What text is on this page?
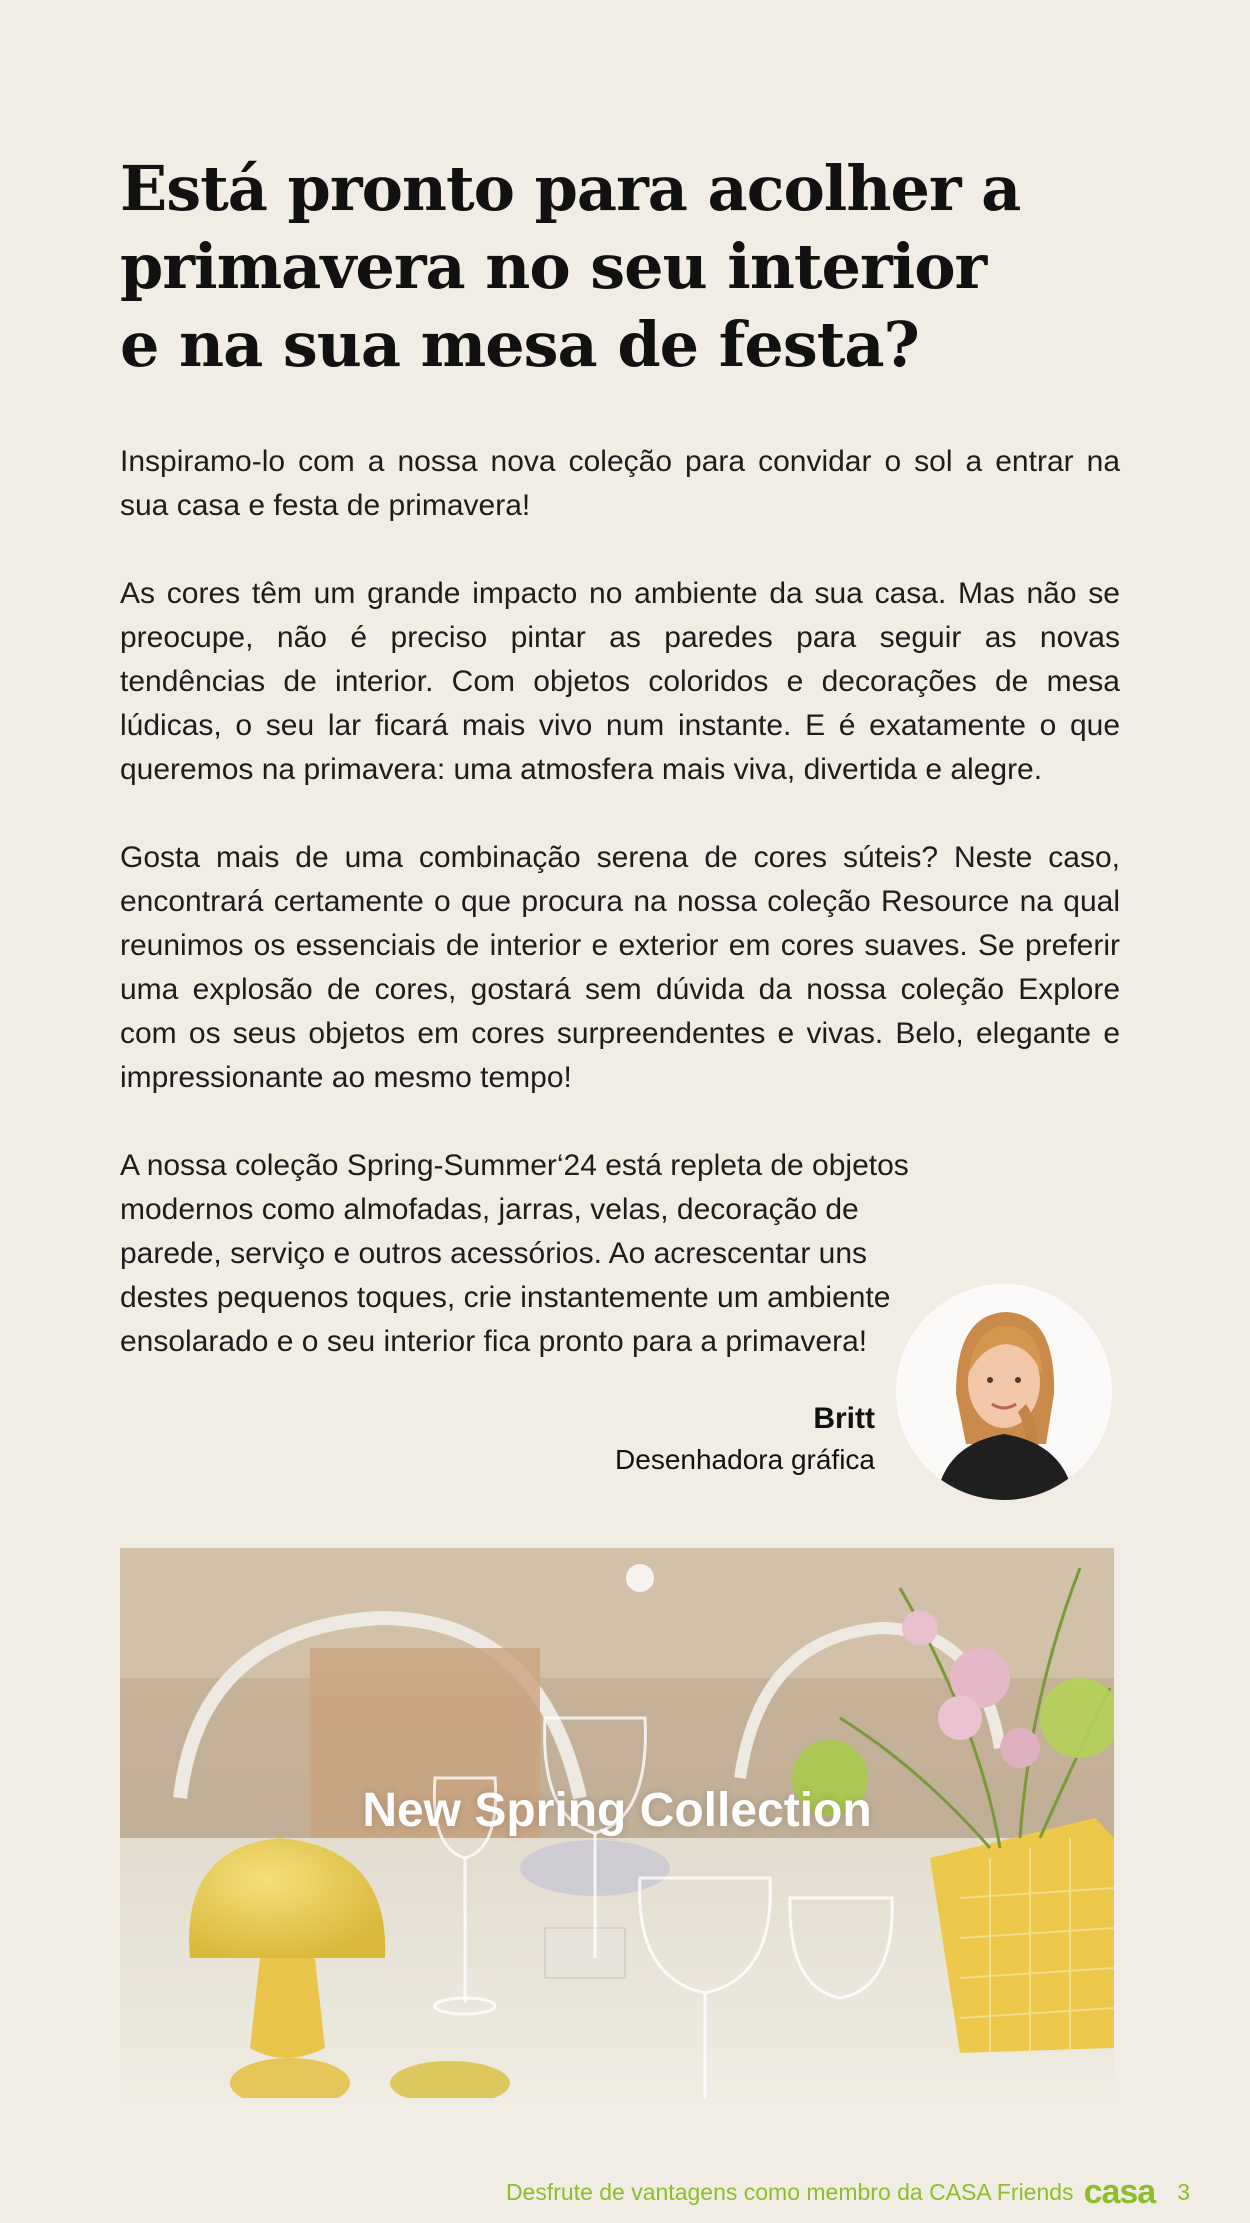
Está pronto para acolher a
primavera no seu interior
e na sua mesa de festa?

Inspiramo-lo com a nossa nova coleção para convidar o sol a entrar na sua casa e festa de primavera!

As cores têm um grande impacto no ambiente da sua casa. Mas não se preocupe, não é preciso pintar as paredes para seguir as novas tendências de interior. Com objetos coloridos e decorações de mesa lúdicas, o seu lar ficará mais vivo num instante. E é exatamente o que queremos na primavera: uma atmosfera mais viva, divertida e alegre.

Gosta mais de uma combinação serena de cores súteis? Neste caso, encontrará certamente o que procura na nossa coleção Resource na qual reunimos os essenciais de interior e exterior em cores suaves. Se preferir uma explosão de cores, gostará sem dúvida da nossa coleção Explore com os seus objetos em cores surpreendentes e vivas. Belo, elegante e impressionante ao mesmo tempo!

A nossa coleção Spring-Summer‘24 está repleta de objetos modernos como almofadas, jarras, velas, decoração de parede, serviço e outros acessórios. Ao acrescentar uns destes pequenos toques, crie instantemente um ambiente ensolarado e o seu interior fica pronto para a primavera!

Britt
Desenhadora gráfica
New Spring Collection
Desfrute de vantagens como membro da CASA Friends casa 3
